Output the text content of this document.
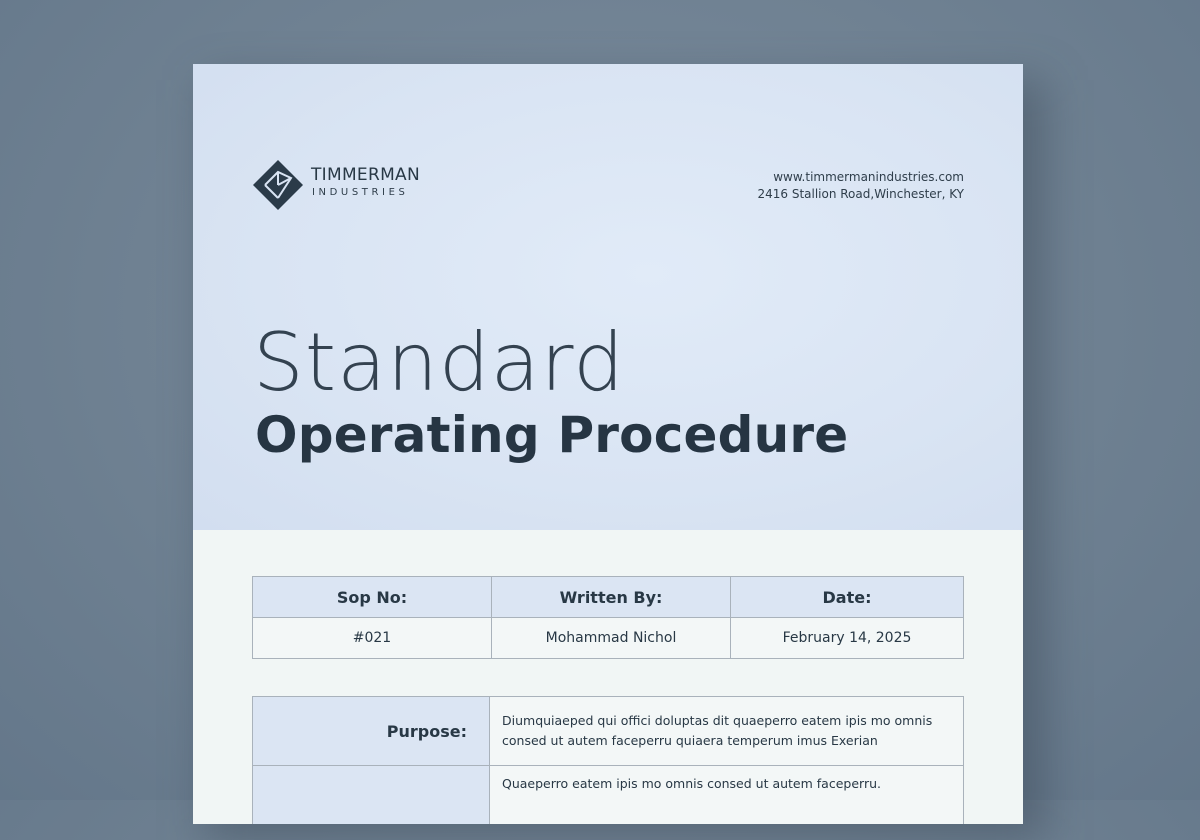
TIMMERMAN
INDUSTRIES
www.timmermanindustries.com
2416 Stallion Road,Winchester, KY
Standard
Operating Procedure
Sop No:	Written By:	Date:
#021	Mohammad Nichol	February 14, 2025
Purpose:	Diumquiaeped qui offici doluptas dit quaeperro eatem ipis mo omnis consed ut autem faceperru quiaera temperum imus Exerian
	Quaeperro eatem ipis mo omnis consed ut autem faceperru.
